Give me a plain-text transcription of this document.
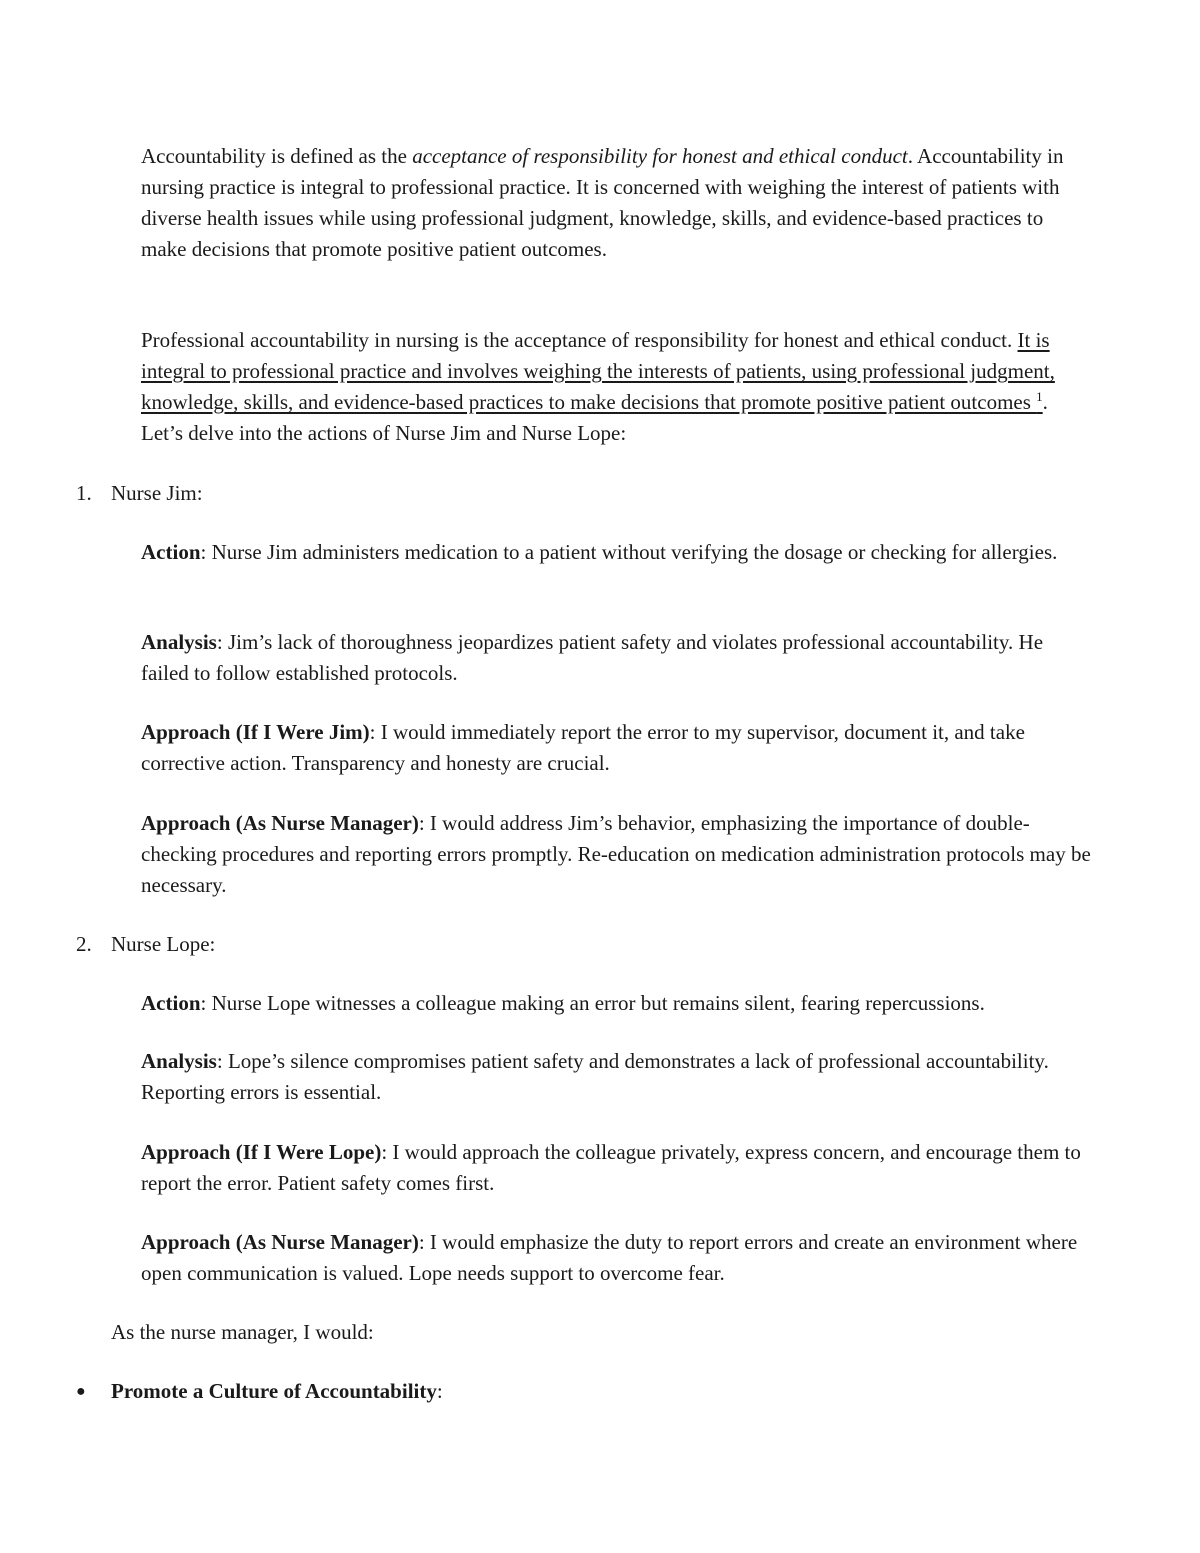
Accountability is defined as the acceptance of responsibility for honest and ethical conduct. Accountability in nursing practice is integral to professional practice. It is concerned with weighing the interest of patients with diverse health issues while using professional judgment, knowledge, skills, and evidence-based practices to make decisions that promote positive patient outcomes.

Professional accountability in nursing is the acceptance of responsibility for honest and ethical conduct. It is integral to professional practice and involves weighing the interests of patients, using professional judgment, knowledge, skills, and evidence-based practices to make decisions that promote positive patient outcomes $^1$. Let’s delve into the actions of Nurse Jim and Nurse Lope:

1. Nurse Jim:

Action: Nurse Jim administers medication to a patient without verifying the dosage or checking for allergies.

Analysis: Jim’s lack of thoroughness jeopardizes patient safety and violates professional accountability. He failed to follow established protocols.

Approach (If I Were Jim): I would immediately report the error to my supervisor, document it, and take corrective action. Transparency and honesty are crucial.

Approach (As Nurse Manager): I would address Jim’s behavior, emphasizing the importance of double-checking procedures and reporting errors promptly. Re-education on medication administration protocols may be necessary.

2. Nurse Lope:

Action: Nurse Lope witnesses a colleague making an error but remains silent, fearing repercussions.

Analysis: Lope’s silence compromises patient safety and demonstrates a lack of professional accountability. Reporting errors is essential.

Approach (If I Were Lope): I would approach the colleague privately, express concern, and encourage them to report the error. Patient safety comes first.

Approach (As Nurse Manager): I would emphasize the duty to report errors and create an environment where open communication is valued. Lope needs support to overcome fear.

As the nurse manager, I would:

● Promote a Culture of Accountability:
